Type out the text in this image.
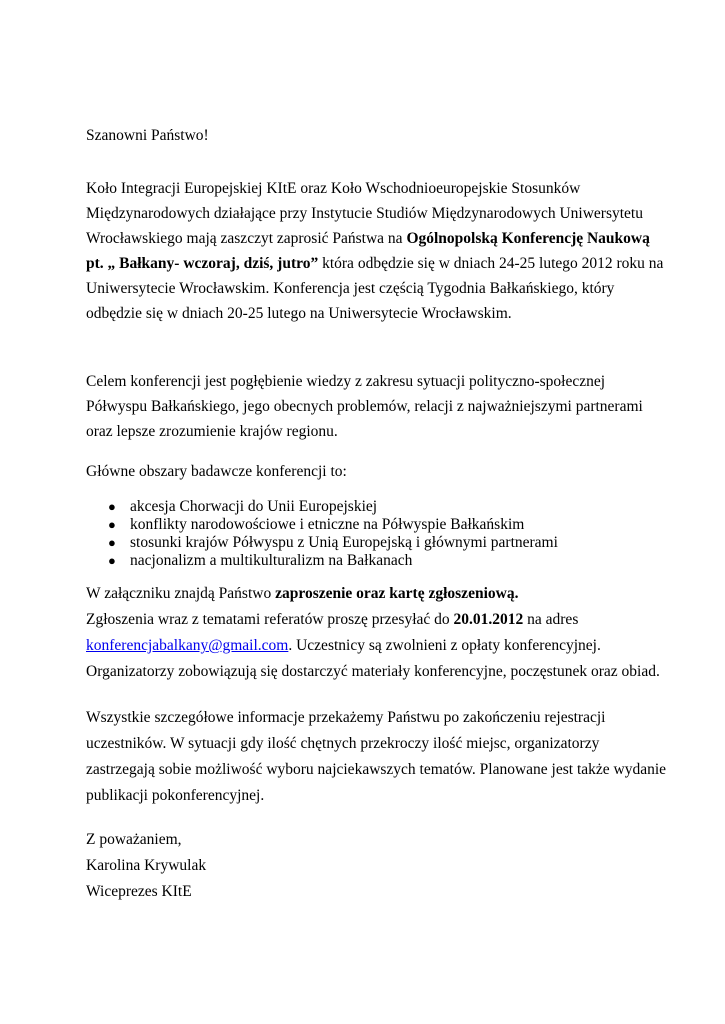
Szanowni Państwo!
Koło Integracji Europejskiej KItE oraz Koło Wschodnioeuropejskie Stosunków
Międzynarodowych działające przy Instytucie Studiów Międzynarodowych Uniwersytetu
Wrocławskiego mają zaszczyt zaprosić Państwa na Ogólnopolską Konferencję Naukową
pt. „ Bałkany- wczoraj, dziś, jutro” która odbędzie się w dniach 24-25 lutego 2012 roku na
Uniwersytecie Wrocławskim. Konferencja jest częścią Tygodnia Bałkańskiego, który
odbędzie się w dniach 20-25 lutego na Uniwersytecie Wrocławskim.
Celem konferencji jest pogłębienie wiedzy z zakresu sytuacji polityczno-społecznej
Półwyspu Bałkańskiego, jego obecnych problemów, relacji z najważniejszymi partnerami
oraz lepsze zrozumienie krajów regionu.
Główne obszary badawcze konferencji to:
● akcesja Chorwacji do Unii Europejskiej
● konflikty narodowościowe i etniczne na Półwyspie Bałkańskim
● stosunki krajów Półwyspu z Unią Europejską i głównymi partnerami
● nacjonalizm a multikulturalizm na Bałkanach
W załączniku znajdą Państwo zaproszenie oraz kartę zgłoszeniową.
Zgłoszenia wraz z tematami referatów proszę przesyłać do 20.01.2012 na adres
konferencjabalkany@gmail.com. Uczestnicy są zwolnieni z opłaty konferencyjnej.
Organizatorzy zobowiązują się dostarczyć materiały konferencyjne, poczęstunek oraz obiad.
Wszystkie szczegółowe informacje przekażemy Państwu po zakończeniu rejestracji
uczestników. W sytuacji gdy ilość chętnych przekroczy ilość miejsc, organizatorzy
zastrzegają sobie możliwość wyboru najciekawszych tematów. Planowane jest także wydanie
publikacji pokonferencyjnej.
Z poważaniem,
Karolina Krywulak
Wiceprezes KItE
